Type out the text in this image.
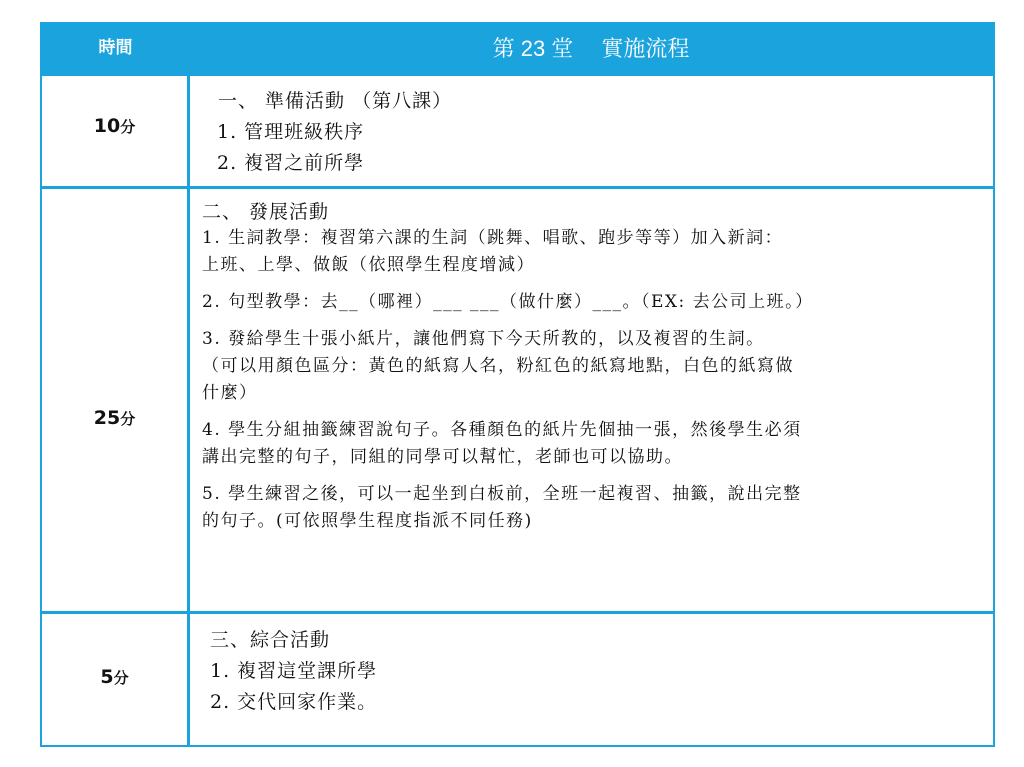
時間	第 23 堂 　實施流程
10分
一、 準備活動 （第八課）
1. 管理班級秩序
2. 複習之前所學
25分
二、 發展活動
1. 生詞教學：複習第六課的生詞（跳舞、唱歌、跑步等等）加入新詞：
上班、上學、做飯（依照學生程度增減）
2. 句型教學：去__（哪裡）___ ___（做什麼）___。（EX: 去公司上班。）
3. 發給學生十張小紙片，讓他們寫下今天所教的，以及複習的生詞。
（可以用顏色區分：黃色的紙寫人名，粉紅色的紙寫地點，白色的紙寫做
什麼）
4. 學生分組抽籤練習說句子。各種顏色的紙片先個抽一張，然後學生必須
講出完整的句子，同組的同學可以幫忙，老師也可以協助。
5. 學生練習之後，可以一起坐到白板前，全班一起複習、抽籤，說出完整
的句子。(可依照學生程度指派不同任務)
5分
三、綜合活動
1. 複習這堂課所學
2. 交代回家作業。
